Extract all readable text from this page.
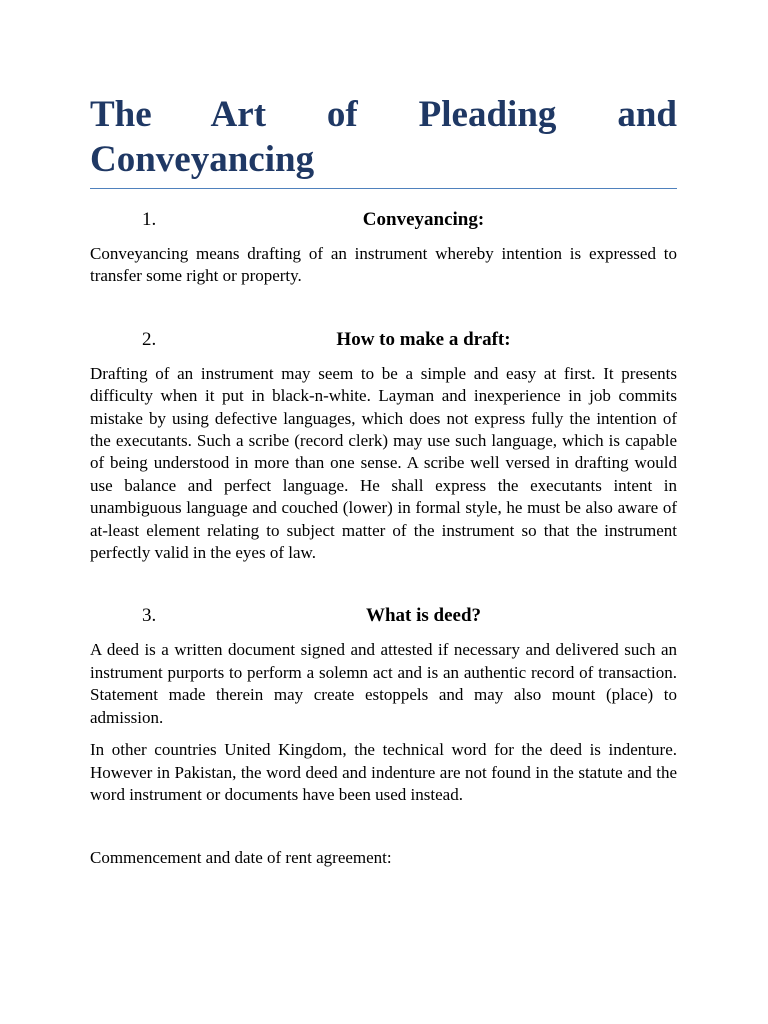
The Art of Pleading and
Conveyancing
1.	Conveyancing:

Conveyancing means drafting of an instrument whereby intention is expressed to transfer some right or property.

2.	How to make a draft:

Drafting of an instrument may seem to be a simple and easy at first. It presents difficulty when it put in black-n-white. Layman and inexperience in job commits mistake by using defective languages, which does not express fully the intention of the executants. Such a scribe (record clerk) may use such language, which is capable of being understood in more than one sense. A scribe well versed in drafting would use balance and perfect language. He shall express the executants intent in unambiguous language and couched (lower) in formal style, he must be also aware of at-least element relating to subject matter of the instrument so that the instrument perfectly valid in the eyes of law.

3.	What is deed?

A deed is a written document signed and attested if necessary and delivered such an instrument purports to perform a solemn act and is an authentic record of transaction. Statement made therein may create estoppels and may also mount (place) to admission.

In other countries United Kingdom, the technical word for the deed is indenture. However in Pakistan, the word deed and indenture are not found in the statute and the word instrument or documents have been used instead.

Commencement and date of rent agreement:
